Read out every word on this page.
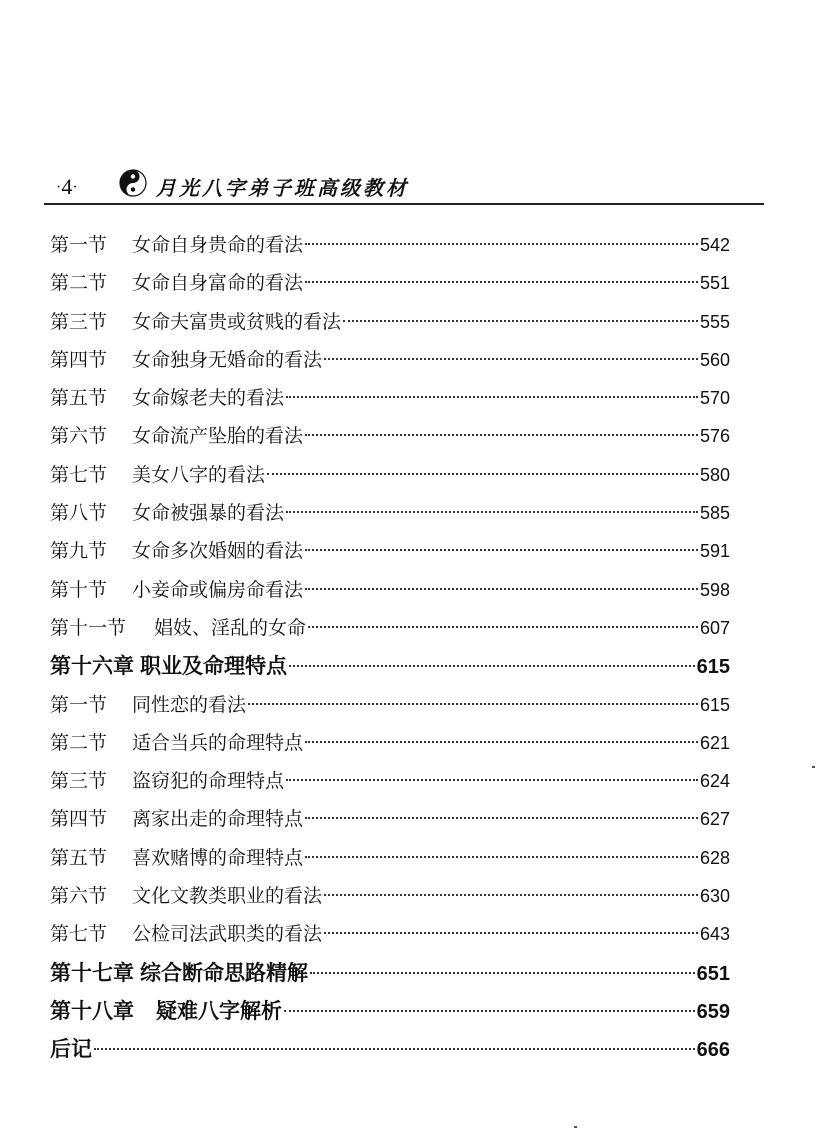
·4·	月光八字弟子班高级教材
第一节 女命自身贵命的看法	542
第二节 女命自身富命的看法	551
第三节 女命夫富贵或贫贱的看法	555
第四节 女命独身无婚命的看法	560
第五节 女命嫁老夫的看法	570
第六节 女命流产坠胎的看法	576
第七节 美女八字的看法	580
第八节 女命被强暴的看法	585
第九节 女命多次婚姻的看法	591
第十节 小妾命或偏房命看法	598
第十一节 娼妓、淫乱的女命	607
第十六章 职业及命理特点	615
第一节 同性恋的看法	615
第二节 适合当兵的命理特点	621
第三节 盗窃犯的命理特点	624
第四节 离家出走的命理特点	627
第五节 喜欢赌博的命理特点	628
第六节 文化文教类职业的看法	630
第七节 公检司法武职类的看法	643
第十七章 综合断命思路精解	651
第十八章 疑难八字解析	659
后记	666
